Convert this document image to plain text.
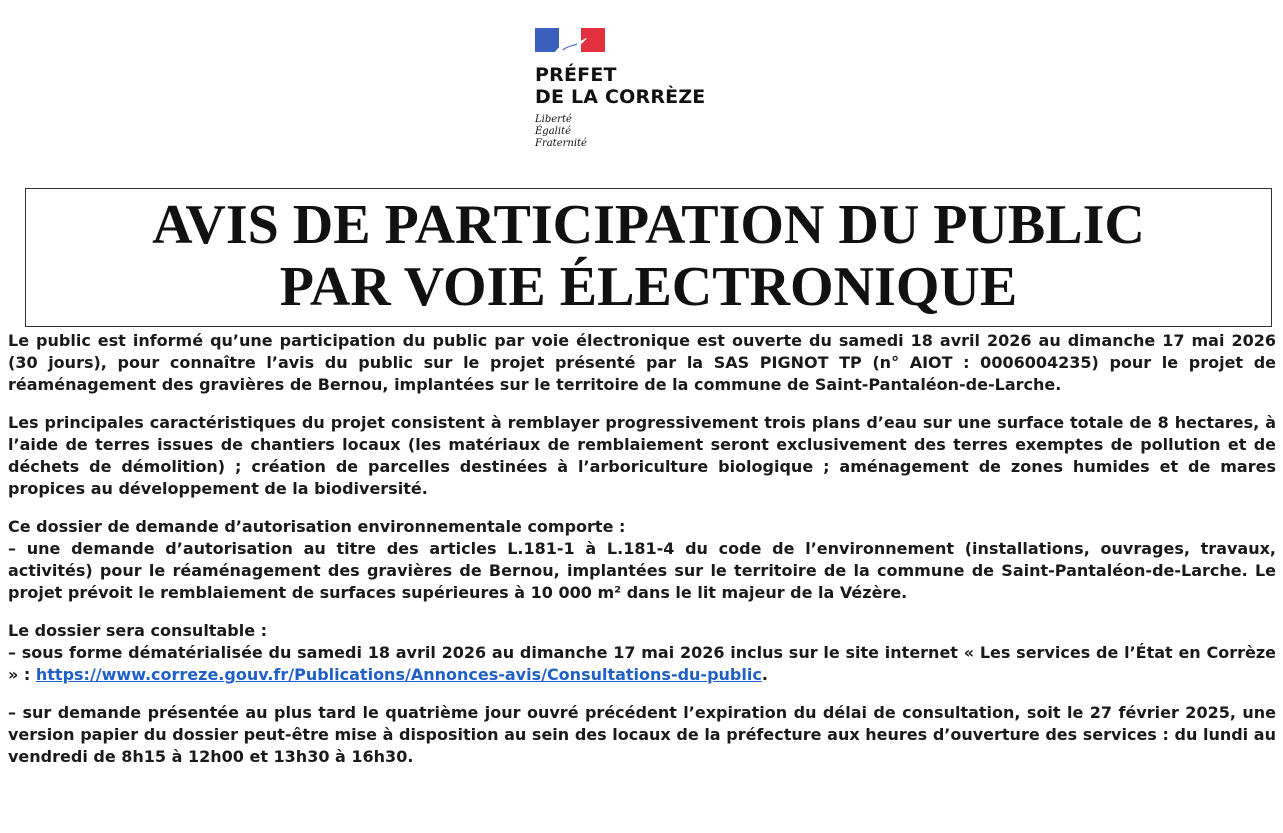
PRÉFET
DE LA CORRÈZE
Liberté
Égalité
Fraternité
AVIS DE PARTICIPATION DU PUBLIC
PAR VOIE ÉLECTRONIQUE

Le public est informé qu’une participation du public par voie électronique est ouverte du samedi 18 avril 2026 au dimanche 17 mai 2026 (30 jours), pour connaître l’avis du public sur le projet présenté par la SAS PIGNOT TP (n° AIOT : 0006004235) pour le projet de réaménagement des gravières de Bernou, implantées sur le territoire de la commune de Saint-Pantaléon-de-Larche.

Les principales caractéristiques du projet consistent à remblayer progressivement trois plans d’eau sur une surface totale de 8 hectares, à l’aide de terres issues de chantiers locaux (les matériaux de remblaiement seront exclusivement des terres exemptes de pollution et de déchets de démolition) ; création de parcelles destinées à l’arboriculture biologique ; aménagement de zones humides et de mares propices au développement de la biodiversité.

Ce dossier de demande d’autorisation environnementale comporte :

– une demande d’autorisation au titre des articles L.181-1 à L.181-4 du code de l’environnement (installations, ouvrages, travaux, activités) pour le réaménagement des gravières de Bernou, implantées sur le territoire de la commune de Saint-Pantaléon-de-Larche. Le projet prévoit le remblaiement de surfaces supérieures à 10 000 m² dans le lit majeur de la Vézère.

Le dossier sera consultable :

– sous forme dématérialisée du samedi 18 avril 2026 au dimanche 17 mai 2026 inclus sur le site internet « Les services de l’État en Corrèze » : https://www.correze.gouv.fr/Publications/Annonces-avis/Consultations-du-public.

– sur demande présentée au plus tard le quatrième jour ouvré précédent l’expiration du délai de consultation, soit le 27 février 2025, une version papier du dossier peut-être mise à disposition au sein des locaux de la préfecture aux heures d’ouverture des services : du lundi au vendredi de 8h15 à 12h00 et 13h30 à 16h30.
